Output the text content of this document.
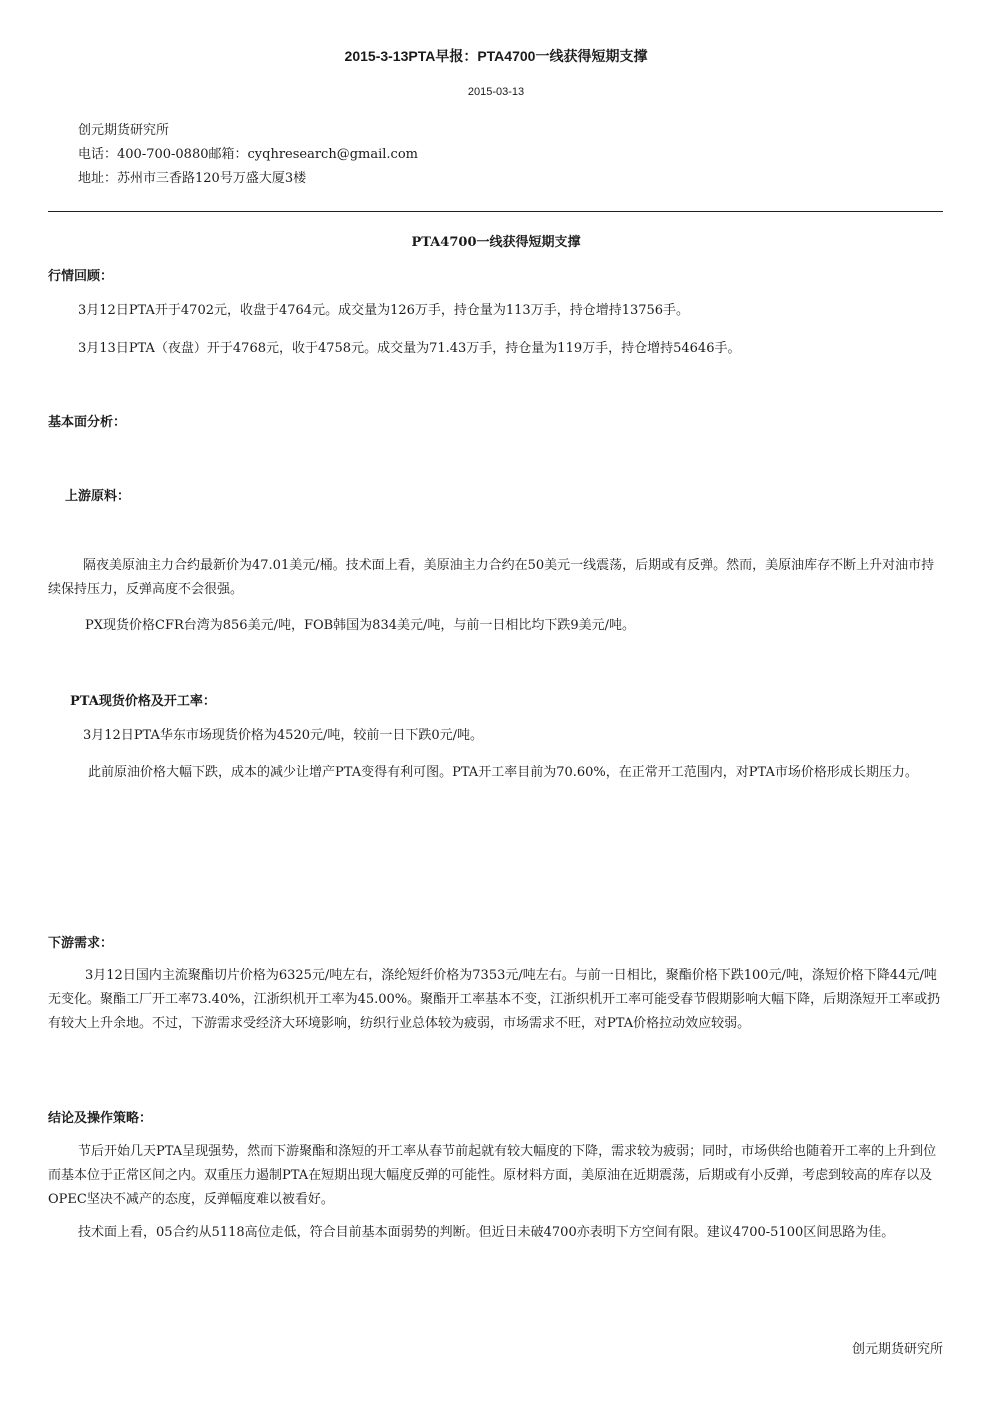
2015-3-13PTA早报：PTA4700一线获得短期支撑
2015-03-13
创元期货研究所
电话：400-700-0880邮箱：cyqhresearch@gmail.com
地址：苏州市三香路120号万盛大厦3楼
PTA4700一线获得短期支撑
行情回顾：
3月12日PTA开于4702元，收盘于4764元。成交量为126万手，持仓量为113万手，持仓增持13756手。
3月13日PTA（夜盘）开于4768元，收于4758元。成交量为71.43万手，持仓量为119万手，持仓增持54646手。
基本面分析：
上游原料：
隔夜美原油主力合约最新价为47.01美元/桶。技术面上看，美原油主力合约在50美元一线震荡，后期或有反弹。然而，美原油库存不断上升对油市持续保持压力，反弹高度不会很强。
PX现货价格CFR台湾为856美元/吨，FOB韩国为834美元/吨，与前一日相比均下跌9美元/吨。
PTA现货价格及开工率：
3月12日PTA华东市场现货价格为4520元/吨，较前一日下跌0元/吨。
此前原油价格大幅下跌，成本的减少让增产PTA变得有利可图。PTA开工率目前为70.60%，在正常开工范围内，对PTA市场价格形成长期压力。
下游需求：
3月12日国内主流聚酯切片价格为6325元/吨左右，涤纶短纤价格为7353元/吨左右。与前一日相比，聚酯价格下跌100元/吨，涤短价格下降44元/吨无变化。聚酯工厂开工率73.40%，江浙织机开工率为45.00%。聚酯开工率基本不变，江浙织机开工率可能受春节假期影响大幅下降，后期涤短开工率或扔有较大上升余地。不过，下游需求受经济大环境影响，纺织行业总体较为疲弱，市场需求不旺，对PTA价格拉动效应较弱。
结论及操作策略：
节后开始几天PTA呈现强势，然而下游聚酯和涤短的开工率从春节前起就有较大幅度的下降，需求较为疲弱；同时，市场供给也随着开工率的上升到位而基本位于正常区间之内。双重压力遏制PTA在短期出现大幅度反弹的可能性。原材料方面，美原油在近期震荡，后期或有小反弹，考虑到较高的库存以及OPEC坚决不减产的态度，反弹幅度难以被看好。
技术面上看，05合约从5118高位走低，符合目前基本面弱势的判断。但近日未破4700亦表明下方空间有限。建议4700-5100区间思路为佳。
创元期货研究所
